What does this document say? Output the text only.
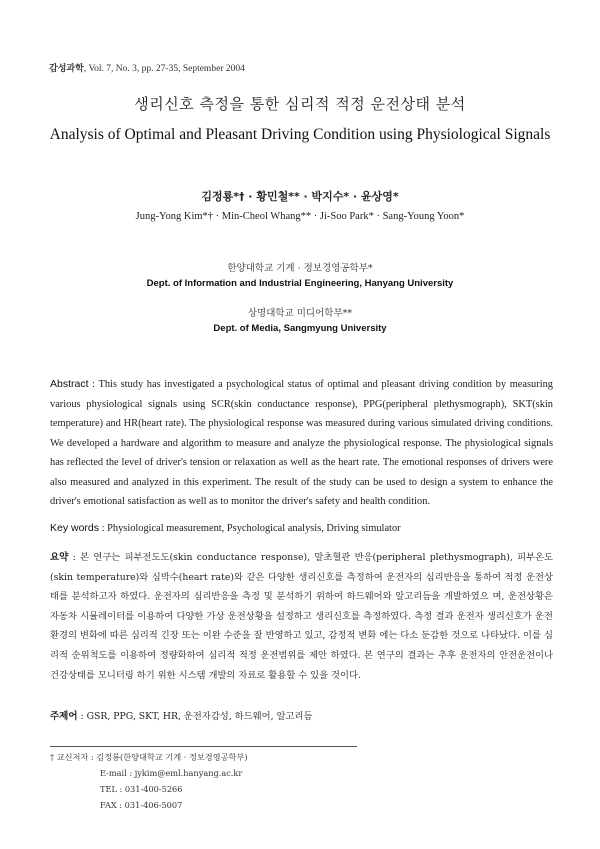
감성과학, Vol. 7, No. 3, pp. 27-35, September 2004
생리신호 측정을 통한 심리적 적정 운전상태 분석
Analysis of Optimal and Pleasant Driving Condition using Physiological Signals
김정룡*† · 황민철** · 박지수* · 윤상영*
Jung-Yong Kim*† · Min-Cheol Whang** · Ji-Soo Park* · Sang-Young Yoon*
한양대학교 기계 · 정보경영공학부*
Dept. of Information and Industrial Engineering, Hanyang University
상명대학교 미디어학부**
Dept. of Media, Sangmyung University
Abstract : This study has investigated a psychological status of optimal and pleasant driving condition by measuring various physiological signals using SCR(skin conductance response), PPG(peripheral plethysmograph), SKT(skin temperature) and HR(heart rate). The physiological response was measured during various simulated driving conditions. We developed a hardware and algorithm to measure and analyze the physiological response. The physiological signals has reflected the level of driver's tension or relaxation as well as the heart rate. The emotional responses of drivers were also measured and analyzed in this experiment. The result of the study can be used to design a system to enhance the driver's emotional satisfaction as well as to monitor the driver's safety and health condition.
Key words : Physiological measurement, Psychological analysis, Driving simulator
요약 : 본 연구는 피부전도도(skin conductance response), 말초혈관 반응(peripheral plethysmograph), 피부온도 (skin temperature)와 심박수(heart rate)와 같은 다양한 생리신호를 측정하여 운전자의 심리반응을 통하여 적정 운전상태를 분석하고자 하였다. 운전자의 심리반응을 측정 및 분석하기 위하여 하드웨어와 알고리듬을 개발하였으 며, 운전상황은 자동차 시뮬레이터를 이용하여 다양한 가상 운전상황을 설정하고 생리신호를 측정하였다. 측정 결과 운전자 생리신호가 운전환경의 변화에 따른 심리적 긴장 또는 이완 수준을 잘 반영하고 있고, 감정적 변화 에는 다소 둔감한 것으로 나타났다. 이를 심리적 순위척도를 이용하여 정량화하여 심리적 적정 운전범위를 제안 하였다. 본 연구의 결과는 추후 운전자의 안전운전이나 건강상태를 모니터링 하기 위한 시스템 개발의 자료로 활용할 수 있을 것이다.
주제어 : GSR, PPG, SKT, HR, 운전자감성, 하드웨어, 알고리듬
† 교신저자 : 김정룡(한양대학교 기계 · 정보경영공학부)
E-mail : jykim@eml.hanyang.ac.kr
TEL : 031-400-5266
FAX : 031-406-5007
